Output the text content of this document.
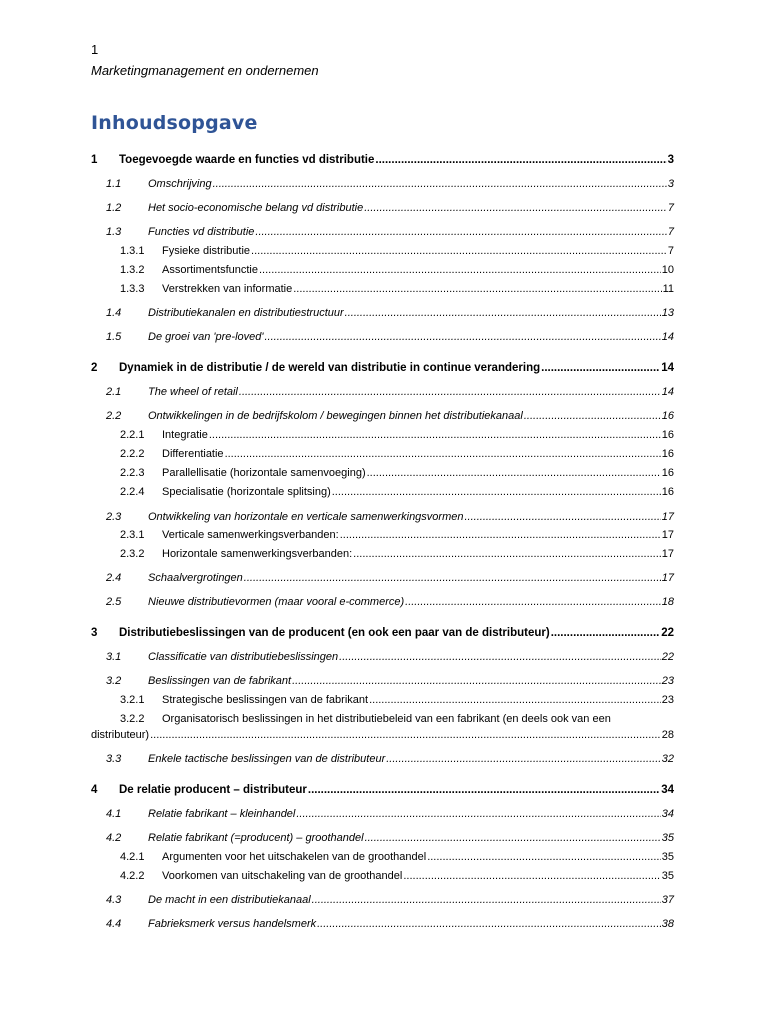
1
Marketingmanagement en ondernemen
Inhoudsopgave
1	Toegevoegde waarde en functies vd distributie .....	3
1.1	Omschrijving .....	3
1.2	Het socio-economische belang vd distributie .....	7
1.3	Functies vd distributie .....	7
1.3.1	Fysieke distributie .....	7
1.3.2	Assortimentsfunctie .....	10
1.3.3	Verstrekken van informatie .....	11
1.4	Distributiekanalen en distributiestructuur .....	13
1.5	De groei van 'pre-loved' .....	14
2	Dynamiek in de distributie / de wereld van distributie in continue verandering .....	14
2.1	The wheel of retail .....	14
2.2	Ontwikkelingen in de bedrijfskolom / bewegingen binnen het distributiekanaal .....	16
2.2.1	Integratie .....	16
2.2.2	Differentiatie .....	16
2.2.3	Parallellisatie (horizontale samenvoeging) .....	16
2.2.4	Specialisatie (horizontale splitsing) .....	16
2.3	Ontwikkeling van horizontale en verticale samenwerkingsvormen .....	17
2.3.1	Verticale samenwerkingsverbanden: .....	17
2.3.2	Horizontale samenwerkingsverbanden: .....	17
2.4	Schaalvergrotingen .....	17
2.5	Nieuwe distributievormen (maar vooral e-commerce) .....	18
3	Distributiebeslissingen van de producent (en ook een paar van de distributeur) .....	22
3.1	Classificatie van distributiebeslissingen .....	22
3.2	Beslissingen van de fabrikant .....	23
3.2.1	Strategische beslissingen van de fabrikant .....	23
3.2.2	Organisatorisch beslissingen in het distributiebeleid van een fabrikant (en deels ook van een
distributeur) .....	28
3.3	Enkele tactische beslissingen van de distributeur .....	32
4	De relatie producent – distributeur .....	34
4.1	Relatie fabrikant – kleinhandel .....	34
4.2	Relatie fabrikant (=producent) – groothandel .....	35
4.2.1	Argumenten voor het uitschakelen van de groothandel .....	35
4.2.2	Voorkomen van uitschakeling van de groothandel .....	35
4.3	De macht in een distributiekanaal .....	37
4.4	Fabrieksmerk versus handelsmerk .....	38
